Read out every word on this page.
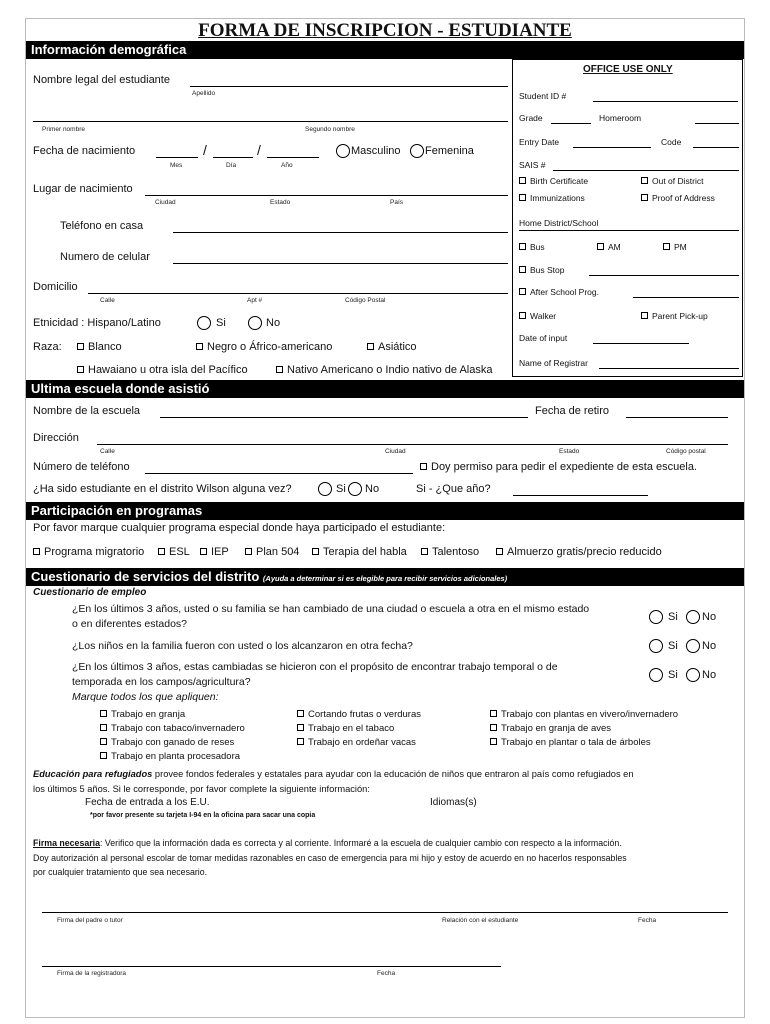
FORMA DE INSCRIPCION - ESTUDIANTE
Información demográfica
Nombre legal del estudiante
Apellido
Primer nombre	Segundo nombre
Fecha de nacimiento	/	/
Mes	Día	Año
Masculino Femenina
Lugar de nacimiento
Ciudad	Estado	País
Teléfono en casa
Numero de celular
Domicilio
Calle	Apt #	Código Postal
Etnicidad : Hispano/Latino	Si	No
Raza:	Blanco	Negro o Áfrico-americano	Asiático
Hawaiano u otra isla del Pacífico	Nativo Americano o Indio nativo de Alaska
OFFICE USE ONLY
Student ID #
Grade	Homeroom
Entry Date	Code
SAIS #
Birth Certificate	Out of District
Immunizations	Proof of Address
Home District/School
Bus	AM	PM
Bus Stop
After School Prog.
Walker	Parent Pick-up
Date of input
Name of Registrar
Ultima escuela donde asistió
Nombre de la escuela	Fecha de retiro
Dirección
Calle	Ciudad	Estado	Código postal
Número de teléfono	Doy permiso para pedir el expediente de esta escuela.
¿Ha sido estudiante en el distrito Wilson alguna vez?	Si No	Si - ¿Que año?
Participación en programas
Por favor marque cualquier programa especial donde haya participado el estudiante:
Programa migratorio	ESL	IEP	Plan 504	Terapia del habla	Talentoso	Almuerzo gratis/precio reducido
Cuestionario de servicios del distrito (Ayuda a determinar si es elegible para recibir servicios adicionales)
Cuestionario de empleo
¿En los últimos 3 años, usted o su familia se han cambiado de una ciudad o escuela a otra en el mismo estado
o en diferentes estados?
Si No
¿Los niños en la familia fueron con usted o los alcanzaron en otra fecha?	Si No
¿En los últimos 3 años, estas cambiadas se hicieron con el propósito de encontrar trabajo temporal o de
temporada en los campos/agricultura?
Si No
Marque todos los que apliquen:
Trabajo en granja	Cortando frutas o verduras	Trabajo con plantas en vivero/invernadero
Trabajo con tabaco/invernadero	Trabajo en el tabaco	Trabajo en granja de aves
Trabajo con ganado de reses	Trabajo en ordeñar vacas	Trabajo en plantar o tala de árboles
Trabajo en planta procesadora
Educación para refugiados provee fondos federales y estatales para ayudar con la educación de niños que entraron al país como refugiados en
los últimos 5 años. Si le corresponde, por favor complete la siguiente información:
Fecha de entrada a los E.U.	Idiomas(s)
*por favor presente su tarjeta I-94 en la oficina para sacar una copia
Firma necesaria: Verifico que la información dada es correcta y al corriente. Informaré a la escuela de cualquier cambio con respecto a la información.
Doy autorización al personal escolar de tomar medidas razonables en caso de emergencia para mi hijo y estoy de acuerdo en no hacerlos responsables
por cualquier tratamiento que sea necesario.
Firma del padre o tutor	Relación con el estudiante	Fecha
Firma de la registradora	Fecha
